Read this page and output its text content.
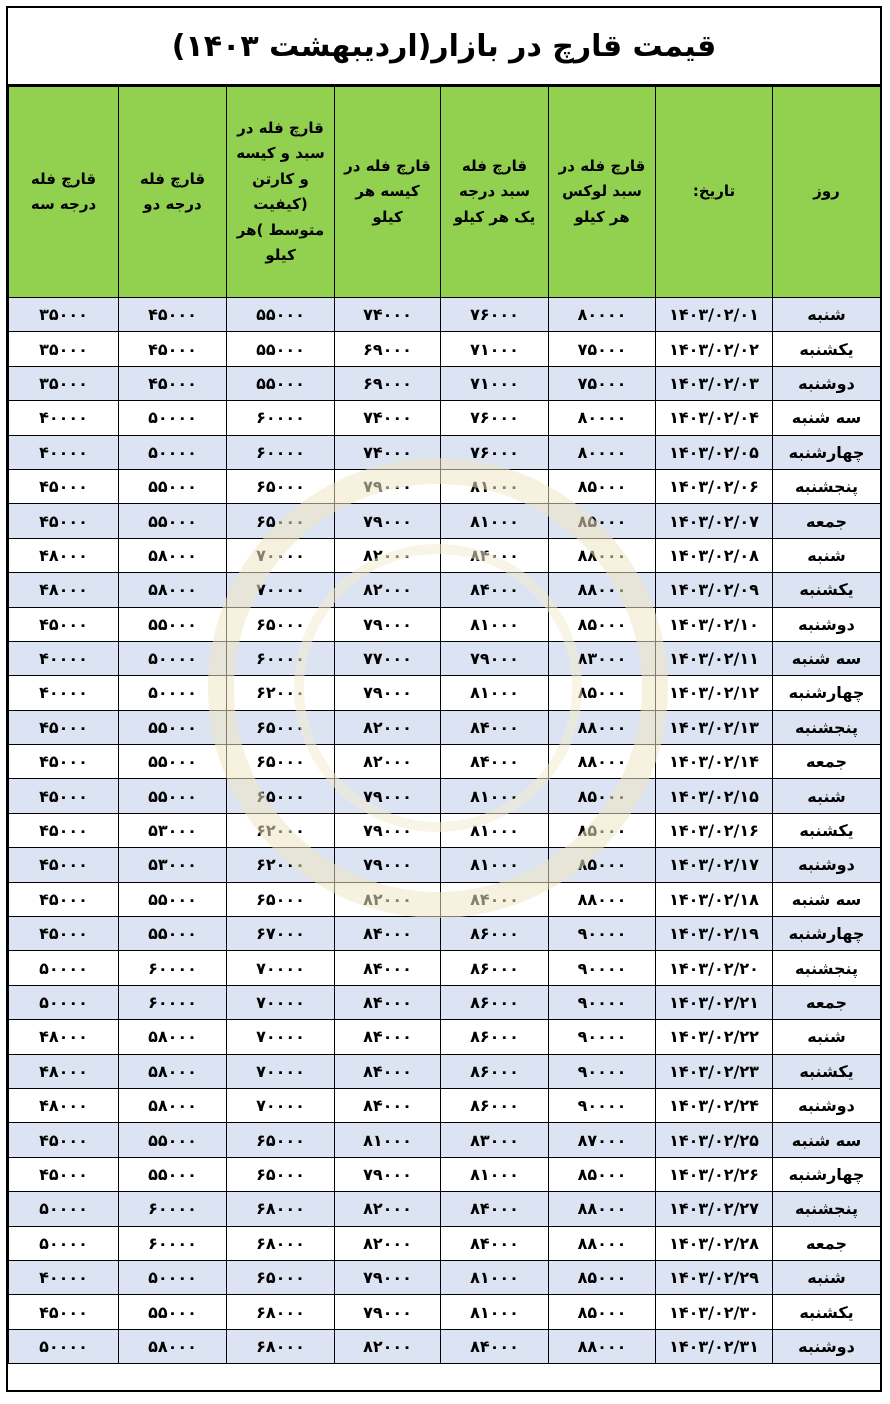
قیمت قارچ در بازار(اردیبهشت ۱۴۰۳)
روز	تاریخ:	قارچ فله در سبد لوکس هر کیلو	قارچ فله سبد درجه یک هر کیلو	قارچ فله در کیسه هر کیلو	قارچ فله در سبد و کیسه و کارتن (کیفیت متوسط )هر کیلو	قارچ فله درجه دو	قارچ فله درجه سه
شنبه	۱۴۰۳/۰۲/۰۱	۸۰۰۰۰	۷۶۰۰۰	۷۴۰۰۰	۵۵۰۰۰	۴۵۰۰۰	۳۵۰۰۰
یکشنبه	۱۴۰۳/۰۲/۰۲	۷۵۰۰۰	۷۱۰۰۰	۶۹۰۰۰	۵۵۰۰۰	۴۵۰۰۰	۳۵۰۰۰
دوشنبه	۱۴۰۳/۰۲/۰۳	۷۵۰۰۰	۷۱۰۰۰	۶۹۰۰۰	۵۵۰۰۰	۴۵۰۰۰	۳۵۰۰۰
سه شنبه	۱۴۰۳/۰۲/۰۴	۸۰۰۰۰	۷۶۰۰۰	۷۴۰۰۰	۶۰۰۰۰	۵۰۰۰۰	۴۰۰۰۰
چهارشنبه	۱۴۰۳/۰۲/۰۵	۸۰۰۰۰	۷۶۰۰۰	۷۴۰۰۰	۶۰۰۰۰	۵۰۰۰۰	۴۰۰۰۰
پنجشنبه	۱۴۰۳/۰۲/۰۶	۸۵۰۰۰	۸۱۰۰۰	۷۹۰۰۰	۶۵۰۰۰	۵۵۰۰۰	۴۵۰۰۰
جمعه	۱۴۰۳/۰۲/۰۷	۸۵۰۰۰	۸۱۰۰۰	۷۹۰۰۰	۶۵۰۰۰	۵۵۰۰۰	۴۵۰۰۰
شنبه	۱۴۰۳/۰۲/۰۸	۸۸۰۰۰	۸۴۰۰۰	۸۲۰۰۰	۷۰۰۰۰	۵۸۰۰۰	۴۸۰۰۰
یکشنبه	۱۴۰۳/۰۲/۰۹	۸۸۰۰۰	۸۴۰۰۰	۸۲۰۰۰	۷۰۰۰۰	۵۸۰۰۰	۴۸۰۰۰
دوشنبه	۱۴۰۳/۰۲/۱۰	۸۵۰۰۰	۸۱۰۰۰	۷۹۰۰۰	۶۵۰۰۰	۵۵۰۰۰	۴۵۰۰۰
سه شنبه	۱۴۰۳/۰۲/۱۱	۸۳۰۰۰	۷۹۰۰۰	۷۷۰۰۰	۶۰۰۰۰	۵۰۰۰۰	۴۰۰۰۰
چهارشنبه	۱۴۰۳/۰۲/۱۲	۸۵۰۰۰	۸۱۰۰۰	۷۹۰۰۰	۶۲۰۰۰	۵۰۰۰۰	۴۰۰۰۰
پنجشنبه	۱۴۰۳/۰۲/۱۳	۸۸۰۰۰	۸۴۰۰۰	۸۲۰۰۰	۶۵۰۰۰	۵۵۰۰۰	۴۵۰۰۰
جمعه	۱۴۰۳/۰۲/۱۴	۸۸۰۰۰	۸۴۰۰۰	۸۲۰۰۰	۶۵۰۰۰	۵۵۰۰۰	۴۵۰۰۰
شنبه	۱۴۰۳/۰۲/۱۵	۸۵۰۰۰	۸۱۰۰۰	۷۹۰۰۰	۶۵۰۰۰	۵۵۰۰۰	۴۵۰۰۰
یکشنبه	۱۴۰۳/۰۲/۱۶	۸۵۰۰۰	۸۱۰۰۰	۷۹۰۰۰	۶۲۰۰۰	۵۳۰۰۰	۴۵۰۰۰
دوشنبه	۱۴۰۳/۰۲/۱۷	۸۵۰۰۰	۸۱۰۰۰	۷۹۰۰۰	۶۲۰۰۰	۵۳۰۰۰	۴۵۰۰۰
سه شنبه	۱۴۰۳/۰۲/۱۸	۸۸۰۰۰	۸۴۰۰۰	۸۲۰۰۰	۶۵۰۰۰	۵۵۰۰۰	۴۵۰۰۰
چهارشنبه	۱۴۰۳/۰۲/۱۹	۹۰۰۰۰	۸۶۰۰۰	۸۴۰۰۰	۶۷۰۰۰	۵۵۰۰۰	۴۵۰۰۰
پنجشنبه	۱۴۰۳/۰۲/۲۰	۹۰۰۰۰	۸۶۰۰۰	۸۴۰۰۰	۷۰۰۰۰	۶۰۰۰۰	۵۰۰۰۰
جمعه	۱۴۰۳/۰۲/۲۱	۹۰۰۰۰	۸۶۰۰۰	۸۴۰۰۰	۷۰۰۰۰	۶۰۰۰۰	۵۰۰۰۰
شنبه	۱۴۰۳/۰۲/۲۲	۹۰۰۰۰	۸۶۰۰۰	۸۴۰۰۰	۷۰۰۰۰	۵۸۰۰۰	۴۸۰۰۰
یکشنبه	۱۴۰۳/۰۲/۲۳	۹۰۰۰۰	۸۶۰۰۰	۸۴۰۰۰	۷۰۰۰۰	۵۸۰۰۰	۴۸۰۰۰
دوشنبه	۱۴۰۳/۰۲/۲۴	۹۰۰۰۰	۸۶۰۰۰	۸۴۰۰۰	۷۰۰۰۰	۵۸۰۰۰	۴۸۰۰۰
سه شنبه	۱۴۰۳/۰۲/۲۵	۸۷۰۰۰	۸۳۰۰۰	۸۱۰۰۰	۶۵۰۰۰	۵۵۰۰۰	۴۵۰۰۰
چهارشنبه	۱۴۰۳/۰۲/۲۶	۸۵۰۰۰	۸۱۰۰۰	۷۹۰۰۰	۶۵۰۰۰	۵۵۰۰۰	۴۵۰۰۰
پنجشنبه	۱۴۰۳/۰۲/۲۷	۸۸۰۰۰	۸۴۰۰۰	۸۲۰۰۰	۶۸۰۰۰	۶۰۰۰۰	۵۰۰۰۰
جمعه	۱۴۰۳/۰۲/۲۸	۸۸۰۰۰	۸۴۰۰۰	۸۲۰۰۰	۶۸۰۰۰	۶۰۰۰۰	۵۰۰۰۰
شنبه	۱۴۰۳/۰۲/۲۹	۸۵۰۰۰	۸۱۰۰۰	۷۹۰۰۰	۶۵۰۰۰	۵۰۰۰۰	۴۰۰۰۰
یکشنبه	۱۴۰۳/۰۲/۳۰	۸۵۰۰۰	۸۱۰۰۰	۷۹۰۰۰	۶۸۰۰۰	۵۵۰۰۰	۴۵۰۰۰
دوشنبه	۱۴۰۳/۰۲/۳۱	۸۸۰۰۰	۸۴۰۰۰	۸۲۰۰۰	۶۸۰۰۰	۵۸۰۰۰	۵۰۰۰۰
